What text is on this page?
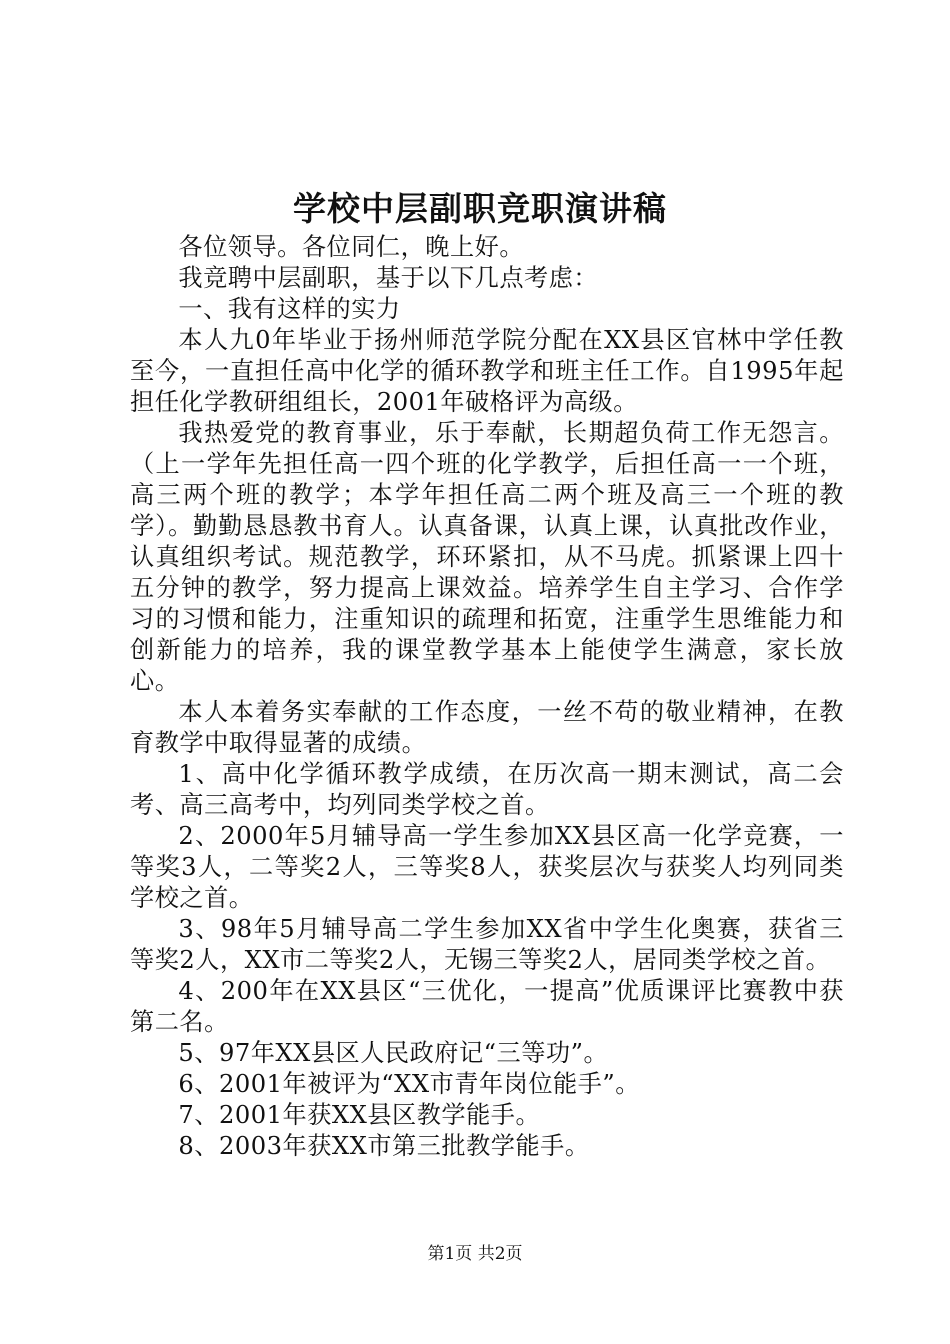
学校中层副职竞职演讲稿

各位领导。各位同仁，晚上好。

我竞聘中层副职，基于以下几点考虑：

一、我有这样的实力

本人九0年毕业于扬州师范学院分配在XX县区官林中学任教至今，一直担任高中化学的循环教学和班主任工作。自1995年起担任化学教研组组长，2001年破格评为高级。

我热爱党的教育事业，乐于奉献，长期超负荷工作无怨言。（上一学年先担任高一四个班的化学教学，后担任高一一个班，高三两个班的教学；本学年担任高二两个班及高三一个班的教学）。勤勤恳恳教书育人。认真备课，认真上课，认真批改作业，认真组织考试。规范教学，环环紧扣，从不马虎。抓紧课上四十五分钟的教学，努力提高上课效益。培养学生自主学习、合作学习的习惯和能力，注重知识的疏理和拓宽，注重学生思维能力和创新能力的培养，我的课堂教学基本上能使学生满意，家长放心。

本人本着务实奉献的工作态度，一丝不苟的敬业精神，在教育教学中取得显著的成绩。

1、高中化学循环教学成绩，在历次高一期末测试，高二会考、高三高考中，均列同类学校之首。

2、2000年5月辅导高一学生参加XX县区高一化学竞赛，一等奖3人，二等奖2人，三等奖8人，获奖层次与获奖人均列同类学校之首。

3、98年5月辅导高二学生参加XX省中学生化奥赛，获省三等奖2人，XX市二等奖2人，无锡三等奖2人，居同类学校之首。

4、200年在XX县区“三优化，一提高”优质课评比赛教中获第二名。

5、97年XX县区人民政府记“三等功”。

6、2001年被评为“XX市青年岗位能手”。

7、2001年获XX县区教学能手。

8、2003年获XX市第三批教学能手。

第1页 共2页
